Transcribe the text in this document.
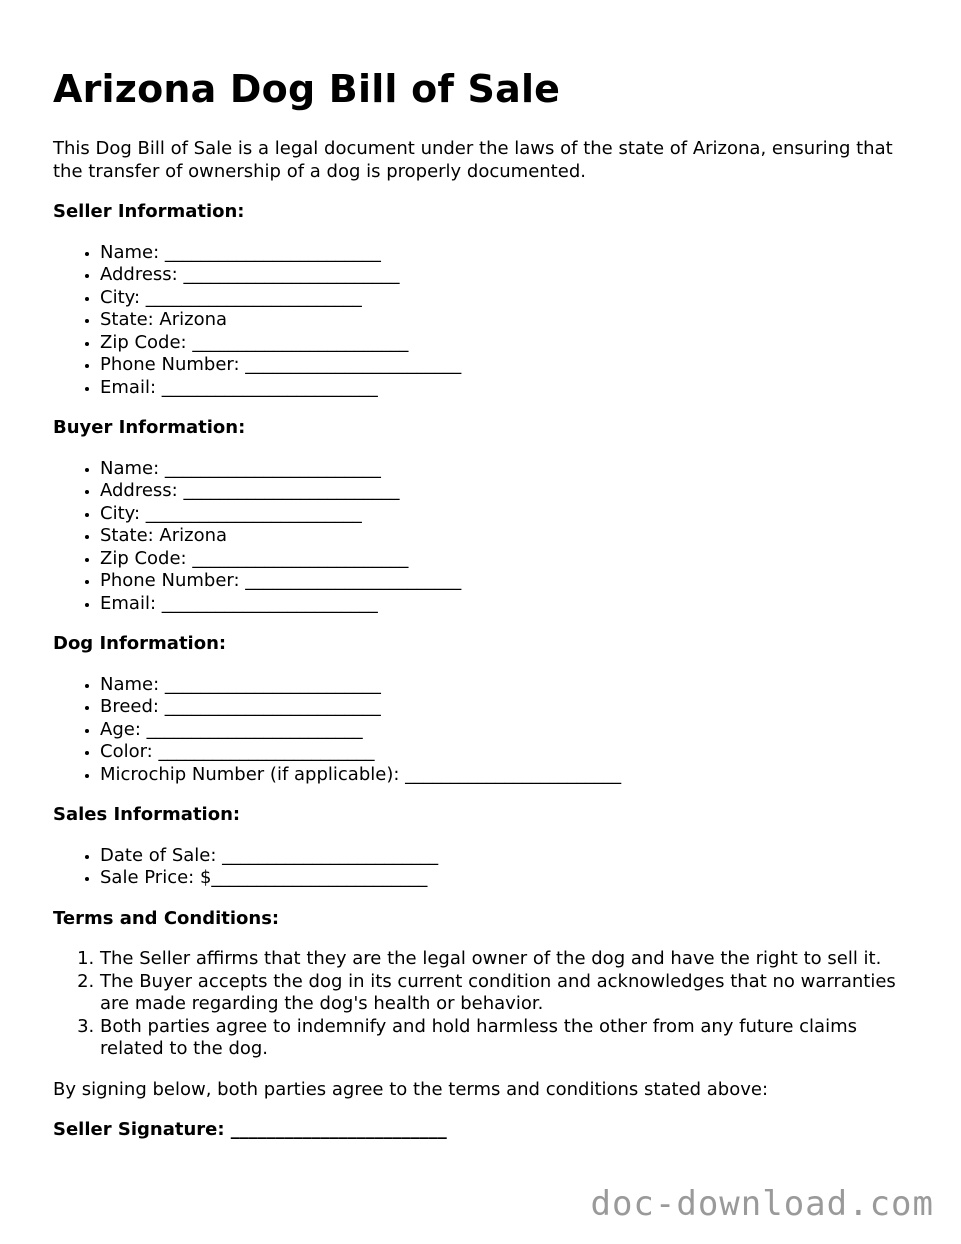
Arizona Dog Bill of Sale

This Dog Bill of Sale is a legal document under the laws of the state of Arizona, ensuring that the transfer of ownership of a dog is properly documented.

Seller Information:
• Name: ________________________
• Address: ________________________
• City: ________________________
• State: Arizona
• Zip Code: ________________________
• Phone Number: ________________________
• Email: ________________________
Buyer Information:
• Name: ________________________
• Address: ________________________
• City: ________________________
• State: Arizona
• Zip Code: ________________________
• Phone Number: ________________________
• Email: ________________________
Dog Information:
• Name: ________________________
• Breed: ________________________
• Age: ________________________
• Color: ________________________
• Microchip Number (if applicable): ________________________
Sales Information:
• Date of Sale: ________________________
• Sale Price: $________________________
Terms and Conditions:
1. The Seller affirms that they are the legal owner of the dog and have the right to sell it.
2. The Buyer accepts the dog in its current condition and acknowledges that no warranties are made regarding the dog's health or behavior.
3. Both parties agree to indemnify and hold harmless the other from any future claims related to the dog.

By signing below, both parties agree to the terms and conditions stated above:

Seller Signature: ________________________
doc-download.com
